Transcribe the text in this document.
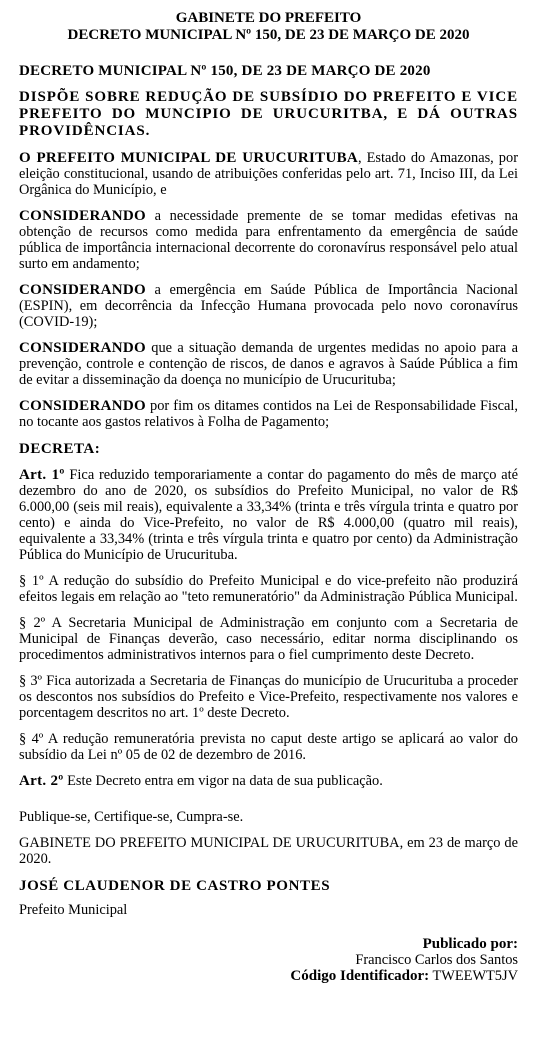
GABINETE DO PREFEITO
DECRETO MUNICIPAL Nº 150, DE 23 DE MARÇO DE 2020
DECRETO MUNICIPAL Nº 150, DE 23 DE MARÇO DE 2020
DISPÕE SOBRE REDUÇÃO DE SUBSÍDIO DO PREFEITO E VICE PREFEITO DO MUNCIPIO DE URUCURITBA, E DÁ OUTRAS PROVIDÊNCIAS.

O PREFEITO MUNICIPAL DE URUCURITUBA, Estado do Amazonas, por eleição constitucional, usando de atribuições conferidas pelo art. 71, Inciso III, da Lei Orgânica do Município, e

CONSIDERANDO a necessidade premente de se tomar medidas efetivas na obtenção de recursos como medida para enfrentamento da emergência de saúde pública de importância internacional decorrente do coronavírus responsável pelo atual surto em andamento;

CONSIDERANDO a emergência em Saúde Pública de Importância Nacional (ESPIN), em decorrência da Infecção Humana provocada pelo novo coronavírus (COVID-19);

CONSIDERANDO que a situação demanda de urgentes medidas no apoio para a prevenção, controle e contenção de riscos, de danos e agravos à Saúde Pública a fim de evitar a disseminação da doença no município de Urucurituba;

CONSIDERANDO por fim os ditames contidos na Lei de Responsabilidade Fiscal, no tocante aos gastos relativos à Folha de Pagamento;

DECRETA:

Art. 1º Fica reduzido temporariamente a contar do pagamento do mês de março até dezembro do ano de 2020, os subsídios do Prefeito Municipal, no valor de R$ 6.000,00 (seis mil reais), equivalente a 33,34% (trinta e três vírgula trinta e quatro por cento) e ainda do Vice-Prefeito, no valor de R$ 4.000,00 (quatro mil reais), equivalente a 33,34% (trinta e três vírgula trinta e quatro por cento) da Administração Pública do Município de Urucurituba.

§ 1º A redução do subsídio do Prefeito Municipal e do vice-prefeito não produzirá efeitos legais em relação ao "teto remuneratório" da Administração Pública Municipal.

§ 2º A Secretaria Municipal de Administração em conjunto com a Secretaria de Municipal de Finanças deverão, caso necessário, editar norma disciplinando os procedimentos administrativos internos para o fiel cumprimento deste Decreto.

§ 3º Fica autorizada a Secretaria de Finanças do município de Urucurituba a proceder os descontos nos subsídios do Prefeito e Vice-Prefeito, respectivamente nos valores e porcentagem descritos no art. 1º deste Decreto.

§ 4º A redução remuneratória prevista no caput deste artigo se aplicará ao valor do subsídio da Lei nº 05 de 02 de dezembro de 2016.

Art. 2º Este Decreto entra em vigor na data de sua publicação.

Publique-se, Certifique-se, Cumpra-se.

GABINETE DO PREFEITO MUNICIPAL DE URUCURITUBA, em 23 de março de 2020.

JOSÉ CLAUDENOR DE CASTRO PONTES
Prefeito Municipal
Publicado por:
Francisco Carlos dos Santos
Código Identificador: TWEEWT5JV
